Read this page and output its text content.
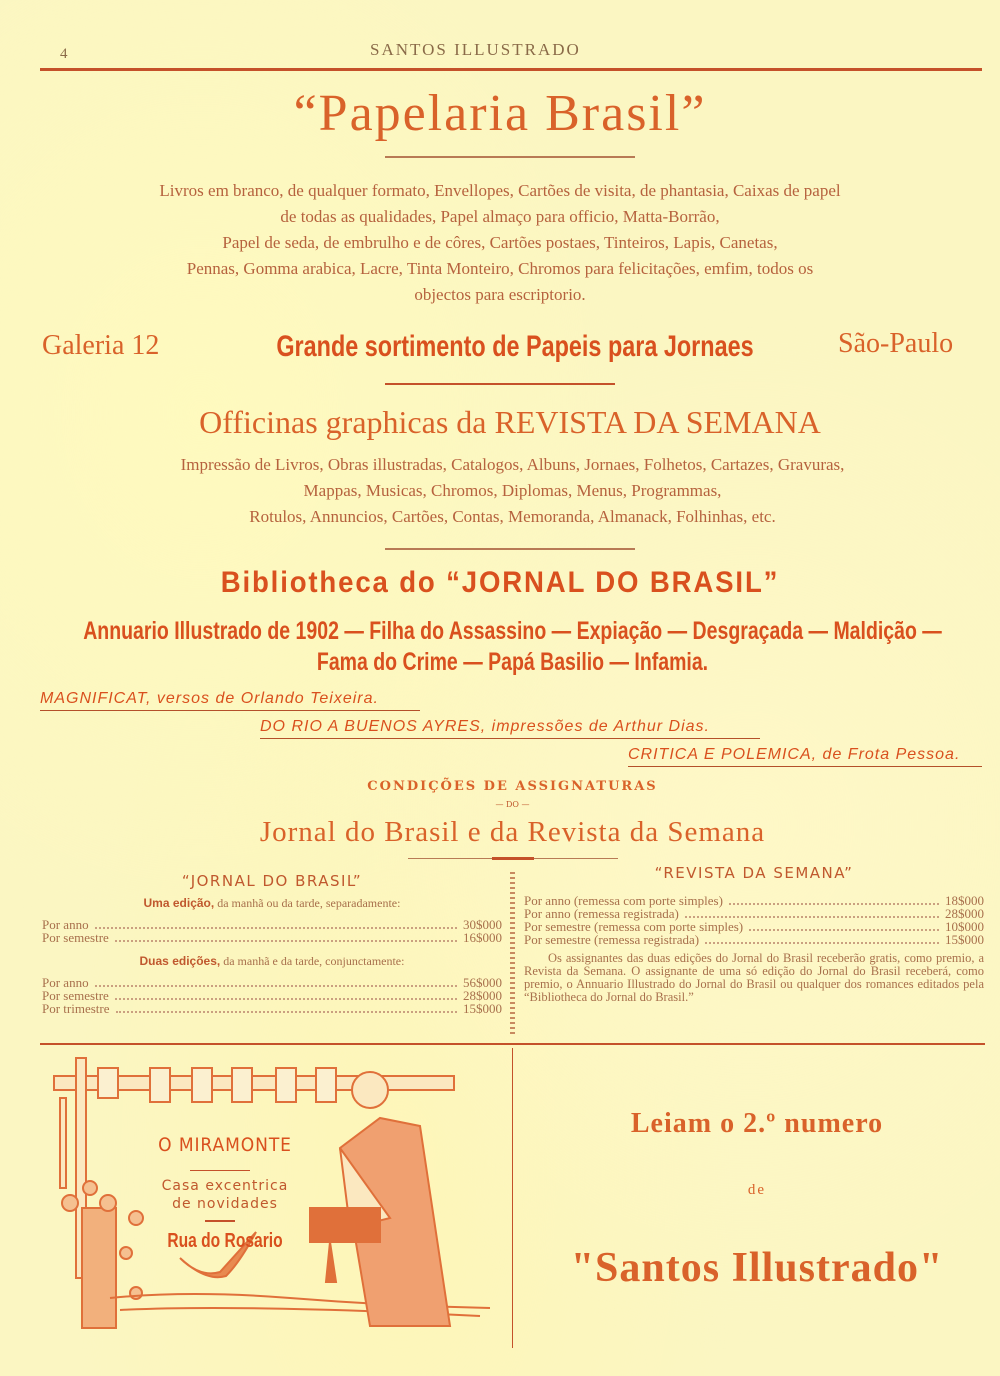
4	SANTOS ILLUSTRADO
“Papelaria Brasil”
Livros em branco, de qualquer formato, Envellopes, Cartões de visita, de phantasia, Caixas de papel
de todas as qualidades, Papel almaço para officio, Matta-Borrão,
Papel de seda, de embrulho e de côres, Cartões postaes, Tinteiros, Lapis, Canetas,
Pennas, Gomma arabica, Lacre, Tinta Monteiro, Chromos para felicitações, emfim, todos os
objectos para escriptorio.
Galeria 12	Grande sortimento de Papeis para Jornaes	São-Paulo
Officinas graphicas da REVISTA DA SEMANA
Impressão de Livros, Obras illustradas, Catalogos, Albuns, Jornaes, Folhetos, Cartazes, Gravuras,
Mappas, Musicas, Chromos, Diplomas, Menus, Programmas,
Rotulos, Annuncios, Cartões, Contas, Memoranda, Almanack, Folhinhas, etc.
Bibliotheca do “JORNAL DO BRASIL”
Annuario Illustrado de 1902 — Filha do Assassino — Expiação — Desgraçada — Maldição —
Fama do Crime — Papá Basilio — Infamia.
MAGNIFICAT, versos de Orlando Teixeira.
DO RIO A BUENOS AYRES, impressões de Arthur Dias.
CRITICA E POLEMICA, de Frota Pessoa.
CONDIÇÕES DE ASSIGNATURAS
— DO —
Jornal do Brasil e da Revista da Semana
“JORNAL DO BRASIL”
Uma edição, da manhã ou da tarde, separadamente:
Por anno	30$000
Por semestre	16$000
Duas edições, da manhã e da tarde, conjunctamente:
Por anno	56$000
Por semestre	28$000
Por trimestre	15$000
“REVISTA DA SEMANA”
Por anno (remessa com porte simples)	18$000
Por anno (remessa registrada)	28$000
Por semestre (remessa com porte simples)	10$000
Por semestre (remessa registrada)	15$000
Os assignantes das duas edições do Jornal do Brasil receberão gratis, como premio, a Revista da Semana. O assignante de uma só edição do Jornal do Brasil receberá, como premio, o Annuario Illustrado do Jornal do Brasil ou qualquer dos romances editados pela “Bibliotheca do Jornal do Brasil.”
O MIRAMONTE
Casa excentrica
de novidades
Rua do Rosario
Leiam o 2.º numero
de
"Santos Illustrado"
